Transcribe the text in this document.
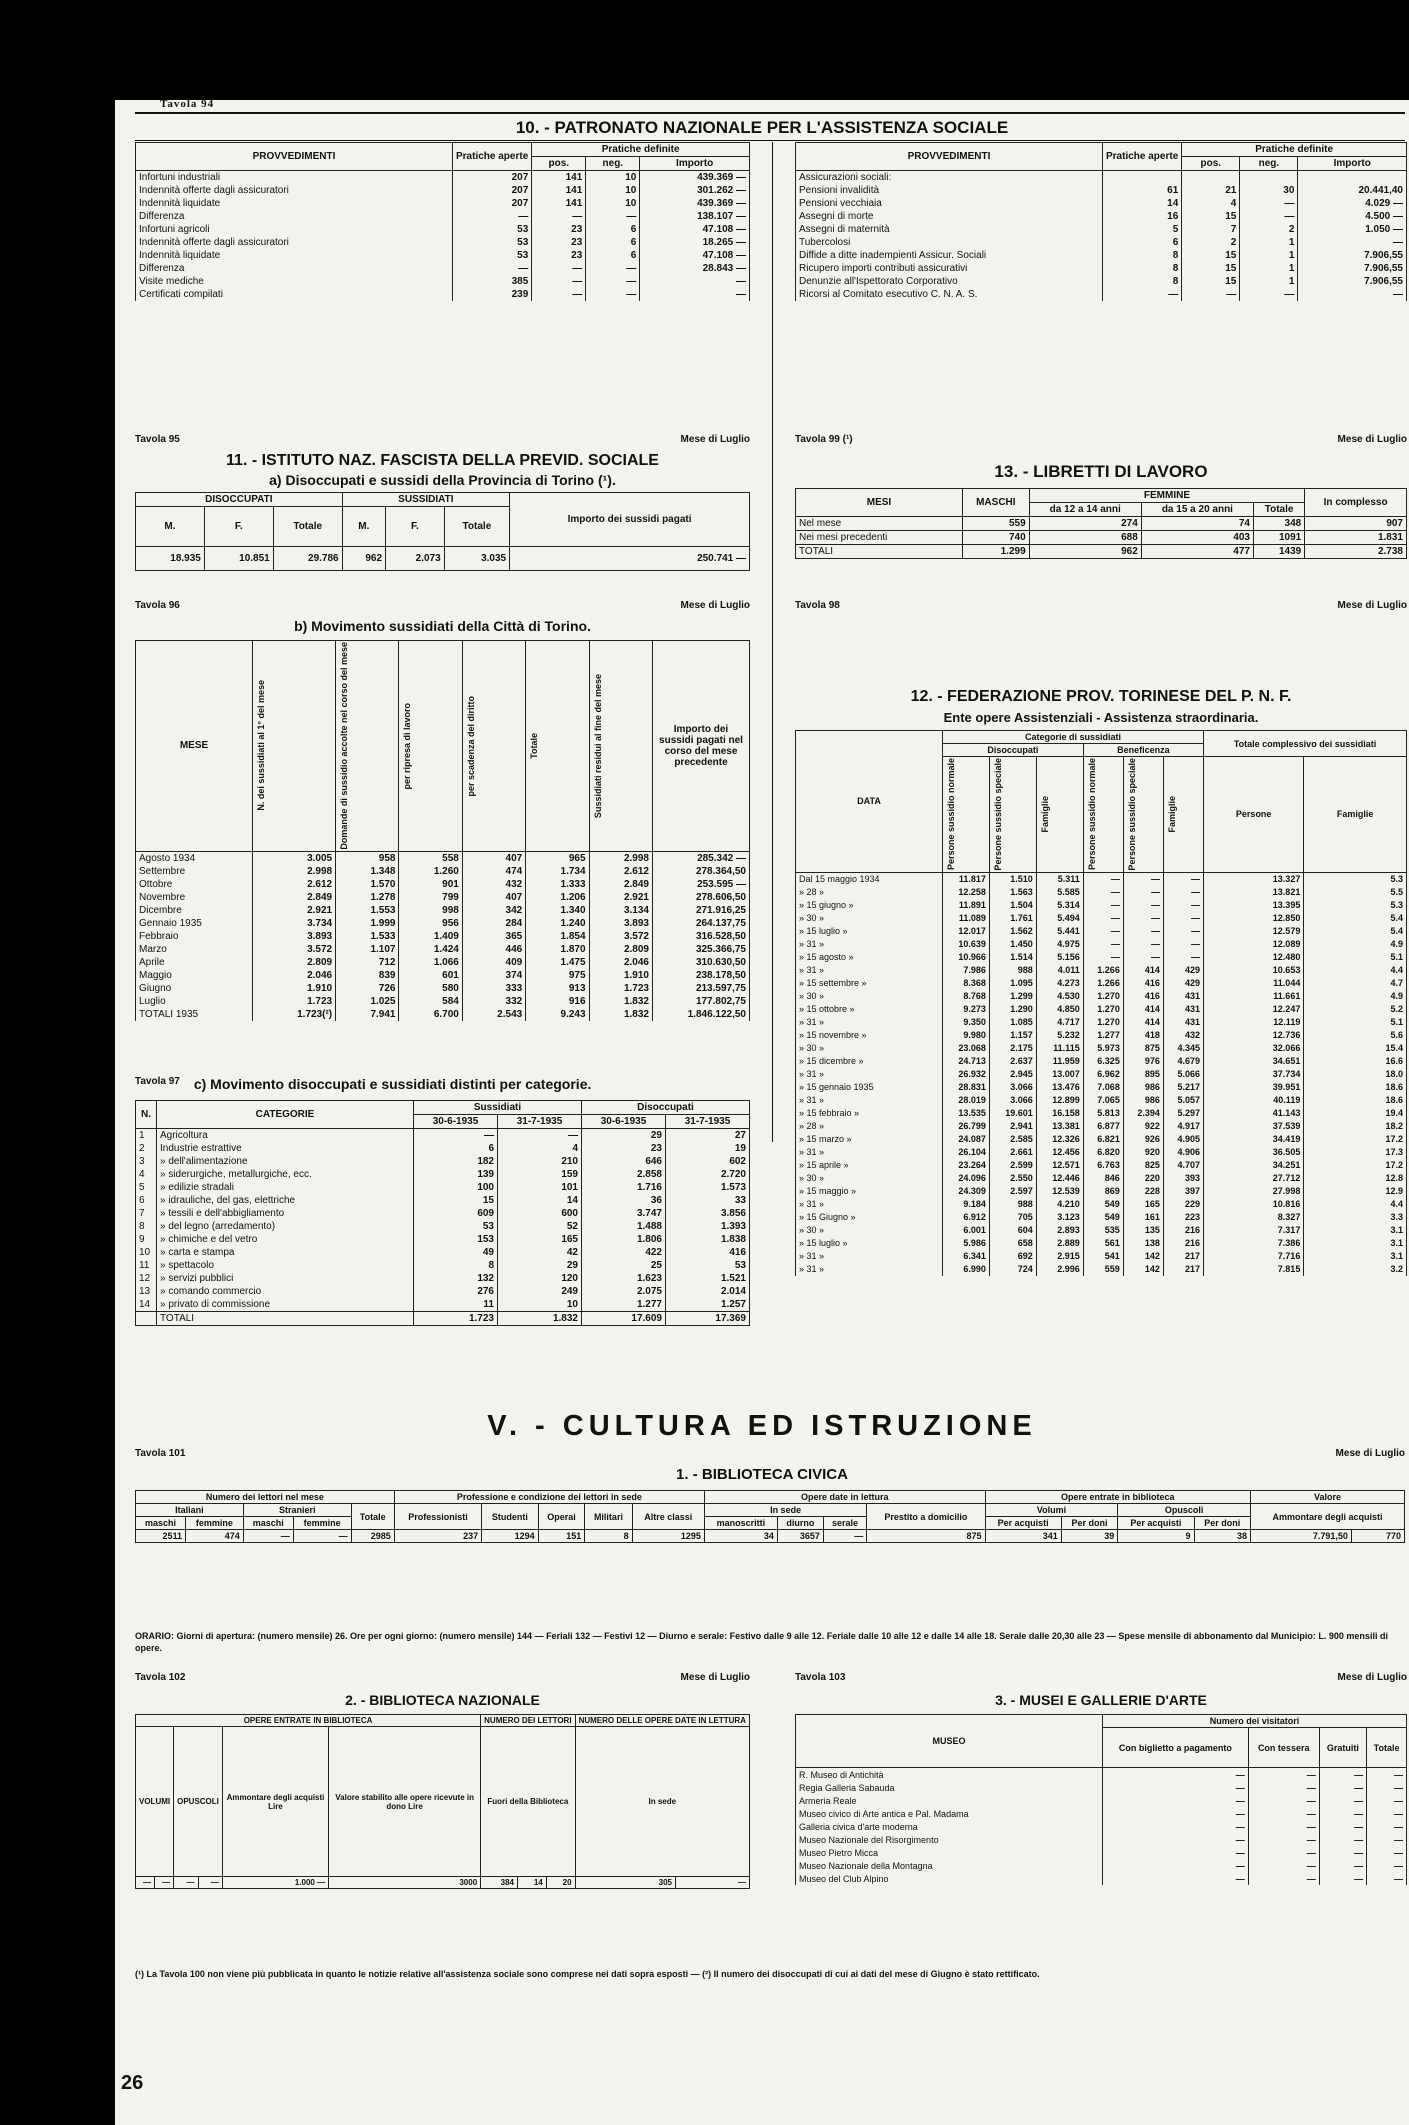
Tavola 94
10. - PATRONATO NAZIONALE PER L'ASSISTENZA SOCIALE
PROVVEDIMENTI	Pratiche aperte	Pratiche definite		
		pos.	neg.	Importo
Infortuni industriali	207	141	10	439.369 —
Indennità offerte dagli assicuratori	207	141	10	301.262 —
Indennità liquidate	207	141	10	439.369 —
Differenza	—	—	—	138.107 —
Infortuni agricoli	53	23	6	47.108 —
Indennità offerte dagli assicuratori	53	23	6	18.265 —
Indennità liquidate	53	23	6	47.108 —
Differenza	—	—	—	28.843 —
Visite mediche	385	—	—	—
Certificati compilati	239	—	—	—
PROVVEDIMENTI	Pratiche aperte	Pratiche definite		
		pos.	neg.	Importo
Assicurazioni sociali:				
Pensioni invalidità	61	21	30	20.441,40
Pensioni vecchiaia	14	4	—	4.029 —
Assegni di morte	16	15	—	4.500 —
Assegni di maternità	5	7	2	1.050 —
Tubercolosi	6	2	1	—
Diffide a ditte inadempienti Assicur. Sociali	8	15	1	7.906,55
Ricupero importi contributi assicurativi	8	15	1	7.906,55
Denunzie all'Ispettorato Corporativo	8	15	1	7.906,55
Ricorsi al Comitato esecutivo C. N. A. S.	—	—	—	—
Tavola 95	Mese di Luglio	Tavola 99 (¹)	Mese di Luglio
11. - ISTITUTO NAZ. FASCISTA DELLA PREVID. SOCIALE
a) Disoccupati e sussidi della Provincia di Torino (¹).
DISOCCUPATI			SUSSIDIATI			Importo dei sussidi pagati
M.	F.	Totale	M.	F.	Totale	
18.935	10.851	29.786	962	2.073	3.035	250.741 —
Tavola 96	Mese di Luglio
13. - LIBRETTI DI LAVORO
MESI	MASCHI	FEMMINE			In complesso
		da 12 a 14 anni	da 15 a 20 anni	Totale	
Nel mese	559	274	74	348	907
Nei mesi precedenti	740	688	403	1091	1.831
TOTALI	1.299	962	477	1439	2.738
Tavola 98	Mese di Luglio
b) Movimento sussidiati della Città di Torino.
MESE	N. dei sussidiati al 1° del mese	Domande di sussidio accolte nel corso del mese	per ripresa di lavoro	per scadenza del diritto	Totale	Sussidiati residui al fine del mese	Importo dei sussidi pagati nel corso del mese precedente
Agosto 1934	3.005	958	558	407	965	2.998	285.342 —
Settembre	2.998	1.348	1.260	474	1.734	2.612	278.364,50
Ottobre	2.612	1.570	901	432	1.333	2.849	253.595 —
Novembre	2.849	1.278	799	407	1.206	2.921	278.606,50
Dicembre	2.921	1.553	998	342	1.340	3.134	271.916,25
Gennaio 1935	3.734	1.999	956	284	1.240	3.893	264.137,75
Febbraio	3.893	1.533	1.409	365	1.854	3.572	316.528,50
Marzo	3.572	1.107	1.424	446	1.870	2.809	325.366,75
Aprile	2.809	712	1.066	409	1.475	2.046	310.630,50
Maggio	2.046	839	601	374	975	1.910	238.178,50
Giugno	1.910	726	580	333	913	1.723	213.597,75
Luglio	1.723	1.025	584	332	916	1.832	177.802,75
TOTALI 1935	1.723(²)	7.941	6.700	2.543	9.243	1.832	1.846.122,50
Tavola 97 c) Movimento disoccupati e sussidiati distinti per categorie.
N.	CATEGORIE	Sussidiati		Disoccupati	
		30-6-1935	31-7-1935	30-6-1935	31-7-1935
1	Agricoltura	—	—	29	27
2	Industrie estrattive	6	4	23	19
3	» dell'alimentazione	182	210	646	602
4	» siderurgiche, metallurgiche, ecc.	139	159	2.858	2.720
5	» edilizie stradali	100	101	1.716	1.573
6	» idrauliche, del gas, elettriche	15	14	36	33
7	» tessili e dell'abbigliamento	609	600	3.747	3.856
8	» del legno (arredamento)	53	52	1.488	1.393
9	» chimiche e del vetro	153	165	1.806	1.838
10	» carta e stampa	49	42	422	416
11	» spettacolo	8	29	25	53
12	» servizi pubblici	132	120	1.623	1.521
13	» comando commercio	276	249	2.075	2.014
14	» privato di commissione	11	10	1.277	1.257
	TOTALI	1.723	1.832	17.609	17.369
12. - FEDERAZIONE PROV. TORINESE DEL P. N. F.
Ente opere Assistenziali - Assistenza straordinaria.
DATA	Categorie di sussidiati						Totale complessivo dei sussidiati	
	Disoccupati			Beneficenza				

	Persone sussidio normale	Persone sussidio speciale	Famiglie	Persone sussidio normale	Persone sussidio speciale	Famiglie	Persone	Famiglie
Dal 15 maggio 1934	11.817	1.510	5.311	—	—	—	13.327	5.3
» 28 »	12.258	1.563	5.585	—	—	—	13.821	5.5
» 15 giugno »	11.891	1.504	5.314	—	—	—	13.395	5.3
» 30 »	11.089	1.761	5.494	—	—	—	12.850	5.4
» 15 luglio »	12.017	1.562	5.441	—	—	—	12.579	5.4
» 31 »	10.639	1.450	4.975	—	—	—	12.089	4.9
» 15 agosto »	10.966	1.514	5.156	—	—	—	12.480	5.1
» 31 »	7.986	988	4.011	1.266	414	429	10.653	4.4
» 15 settembre »	8.368	1.095	4.273	1.266	416	429	11.044	4.7
» 30 »	8.768	1.299	4.530	1.270	416	431	11.661	4.9
» 15 ottobre »	9.273	1.290	4.850	1.270	414	431	12.247	5.2
» 31 »	9.350	1.085	4.717	1.270	414	431	12.119	5.1
» 15 novembre »	9.980	1.157	5.232	1.277	418	432	12.736	5.6
» 30 »	23.068	2.175	11.115	5.973	875	4.345	32.066	15.4
» 15 dicembre »	24.713	2.637	11.959	6.325	976	4.679	34.651	16.6
» 31 »	26.932	2.945	13.007	6.962	895	5.066	37.734	18.0
» 15 gennaio 1935	28.831	3.066	13.476	7.068	986	5.217	39.951	18.6
» 31 »	28.019	3.066	12.899	7.065	986	5.057	40.119	18.6
» 15 febbraio »	13.535	19.601	16.158	5.813	2.394	5.297	41.143	19.4
» 28 »	26.799	2.941	13.381	6.877	922	4.917	37.539	18.2
» 15 marzo »	24.087	2.585	12.326	6.821	926	4.905	34.419	17.2
» 31 »	26.104	2.661	12.456	6.820	920	4.906	36.505	17.3
» 15 aprile »	23.264	2.599	12.571	6.763	825	4.707	34.251	17.2
» 30 »	24.096	2.550	12.446	846	220	393	27.712	12.8
» 15 maggio »	24.309	2.597	12.539	869	228	397	27.998	12.9
» 31 »	9.184	988	4.210	549	165	229	10.816	4.4
» 15 Giugno »	6.912	705	3.123	549	161	223	8.327	3.3
» 30 »	6.001	604	2.893	535	135	216	7.317	3.1
» 15 luglio »	5.986	658	2.889	561	138	216	7.386	3.1
» 31 »	6.341	692	2.915	541	142	217	7.716	3.1
» 31 »	6.990	724	2.996	559	142	217	7.815	3.2
V. - CULTURA ED ISTRUZIONE
Tavola 101	Mese di Luglio
1. - BIBLIOTECA CIVICA
Numero dei lettori nel mese					Professione e condizione dei lettori in sede					Opere date in lettura				Opere entrate in biblioteca				Valore	
Italiani		Stranieri		Totale	Professionisti	Studenti	Operai	Militari	Altre classi	In sede			Prestito a domicilio	Volumi		Opuscoli		Ammontare degli acquisti	
maschi	femmine	maschi	femmine							manoscritti	diurno	serale		Per acquisti	Per doni	Per acquisti	Per doni		
2511	474	—	—	2985	237	1294	151	8	1295	34	3657	—	875	341	39	9	38	7.791,50	770
ORARIO: Giorni di apertura: (numero mensile) 26. Ore per ogni giorno: (numero mensile) 144 — Feriali 132 — Festivi 12 — Diurno e serale: Festivo dalle 9 alle 12. Feriale dalle 10 alle 12 e dalle 14 alle 18. Serale dalle 20,30 alle 23 — Spese mensile di abbonamento dal Municipio: L. 900 mensili di opere.
Tavola 102	Mese di Luglio	Tavola 103	Mese di Luglio
2. - BIBLIOTECA NAZIONALE
OPERE ENTRATE IN BIBLIOTECA						NUMERO DEI LETTORI			NUMERO DELLE OPERE DATE IN LETTURA	
VOLUMI		OPUSCOLI		Ammontare degli acquisti Lire	Valore stabilito alle opere ricevute in dono Lire	Fuori della Biblioteca			In sede	
—	—	—	—	1.000 —	3000	384	14	20	305	—
3. - MUSEI E GALLERIE D'ARTE
MUSEO	Numero dei visitatori			
	Con biglietto a pagamento	Con tessera	Gratuiti	Totale
R. Museo di Antichità	—	—	—	—
Regia Galleria Sabauda	—	—	—	—
Armeria Reale	—	—	—	—
Museo civico di Arte antica e Pal. Madama	—	—	—	—
Galleria civica d'arte moderna	—	—	—	—
Museo Nazionale del Risorgimento	—	—	—	—
Museo Pietro Micca	—	—	—	—
Museo Nazionale della Montagna	—	—	—	—
Museo del Club Alpino	—	—	—	—
(¹) La Tavola 100 non viene più pubblicata in quanto le notizie relative all'assistenza sociale sono comprese nei dati sopra esposti — (²) Il numero dei disoccupati di cui ai dati del mese di Giugno è stato rettificato.
26
